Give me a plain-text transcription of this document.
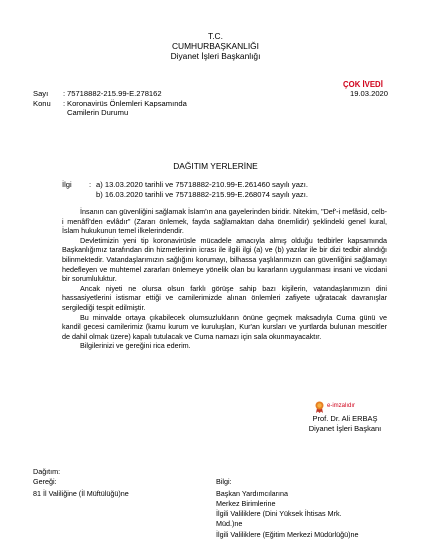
T.C.
CUMHURBAŞKANLIĞI
Diyanet İşleri Başkanlığı
Sayı : 75718882-215.99-E.278162
Konu : Koronavirüs Önlemleri Kapsamında
Camilerin Durumu
ÇOK İVEDİ
19.03.2020
DAĞITIM YERLERİNE
İlgi : a) 13.03.2020 tarihli ve 75718882-210.99-E.261460 sayılı yazı.
b) 16.03.2020 tarihli ve 75718882-215.99-E.268074 sayılı yazı.

İnsanın can güvenliğini sağlamak İslam'ın ana gayelerinden biridir. Nitekim, "Def'-i mefâsid, celb-i menâfî'den evlâdır" (Zararı önlemek, fayda sağlamaktan daha önemlidir) şeklindeki genel kural, İslam hukukunun temel ilkelerindendir.

Devletimizin yeni tip koronavirüsle mücadele amacıyla almış olduğu tedbirler kapsamında Başkanlığımız tarafından din hizmetlerinin icrası ile ilgili ilgi (a) ve (b) yazılar ile bir dizi tedbir alındığı bilinmektedir. Vatandaşlarımızın sağlığını korumayı, bilhassa yaşlılarımızın can güvenliğini sağlamayı hedefleyen ve muhtemel zararları önlemeye yönelik olan bu kararların uygulanması insani ve vicdani bir sorumluluktur.

Ancak niyeti ne olursa olsun farklı görüşe sahip bazı kişilerin, vatandaşlarımızın dini hassasiyetlerini istismar ettiği ve camilerimizde alınan önlemleri zafiyete uğratacak davranışlar sergilediği tespit edilmiştir.

Bu minvalde ortaya çıkabilecek olumsuzlukların önüne geçmek maksadıyla Cuma günü ve kandil gecesi camilerimiz (kamu kurum ve kuruluşları, Kur'an kursları ve yurtlarda bulunan mescitler de dahil olmak üzere) kapalı tutulacak ve Cuma namazı için sala okunmayacaktır.

Bilgilerinizi ve gereğini rica ederim.

e-imzalıdır
Prof. Dr. Ali ERBAŞ
Diyanet İşleri Başkanı
Dağıtım:
Gereği:
81 İl Valiliğine (İl Müftülüğü)ne
Bilgi:
Başkan Yardımcılarına
Merkez Birimlerine
İlgili Valiliklere (Dini Yüksek İhtisas Mrk.
Müd.)ne
İlgili Valiliklere (Eğitim Merkezi Müdürlüğü)ne
